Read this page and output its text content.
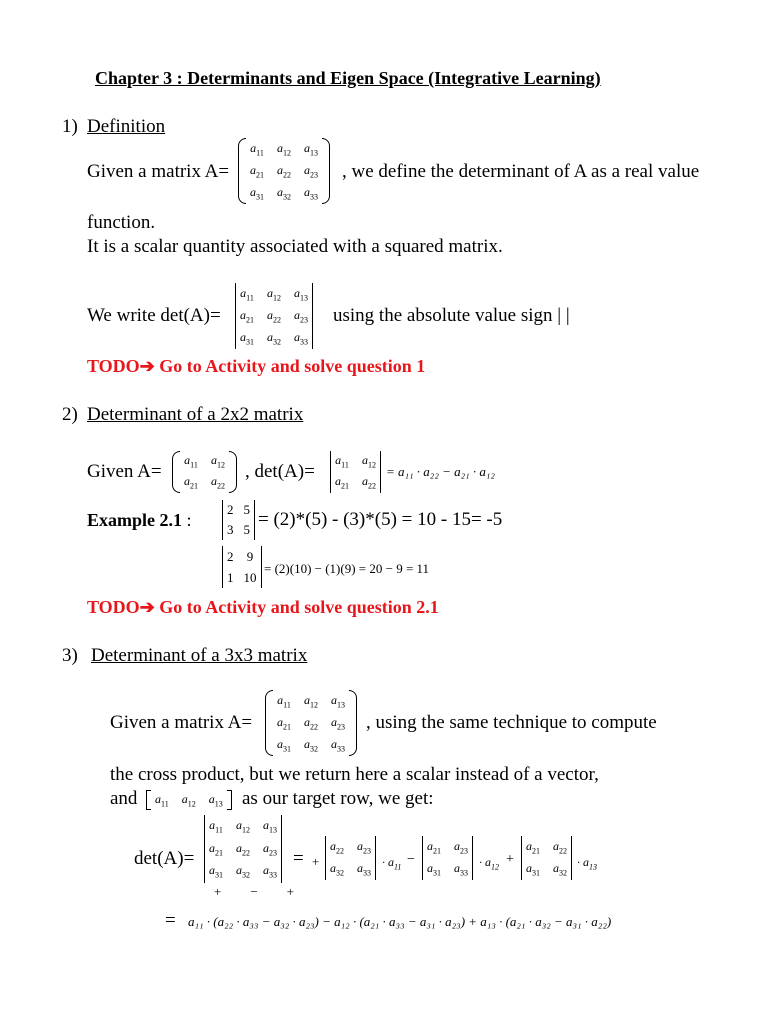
Chapter 3 : Determinants and Eigen Space (Integrative Learning)
1) Definition
Given a matrix A=
$a_{11}$ $a_{12}$ $a_{13}$
$a_{21}$ $a_{22}$ $a_{23}$
$a_{31}$ $a_{32}$ $a_{33}$
, we define the determinant of A as a real value
function.
It is a scalar quantity associated with a squared matrix.
We write det(A)=
$a_{11}$ $a_{12}$ $a_{13}$
$a_{21}$ $a_{22}$ $a_{23}$
$a_{31}$ $a_{32}$ $a_{33}$
using the absolute value sign | |
TODO➔ Go to Activity and solve question 1
2) Determinant of a 2x2 matrix
Given A=
$a_{11}$ $a_{12}$
$a_{21}$ $a_{22}$
, det(A)=
$a_{11}$ $a_{12}$
$a_{21}$ $a_{22}$
= a₁₁ · a₂₂ − a₂₁ · a₁₂
Example 2.1 :
2 5
3 5 = (2)*(5) - (3)*(5) = 10 - 15= -5
2 9
1 10
= (2)(10) − (1)(9) = 20 − 9 = 11
TODO➔ Go to Activity and solve question 2.1
3) Determinant of a 3x3 matrix
Given a matrix A=
$a_{11}$ $a_{12}$ $a_{13}$
$a_{21}$ $a_{22}$ $a_{23}$
$a_{31}$ $a_{32}$ $a_{33}$
, using the same technique to compute
the cross product, but we return here a scalar instead of a vector,
and $a_{11}$ $a_{12}$ $a_{13}$ as our target row, we get:
det(A)=
$a_{11}$ $a_{12}$ $a_{13}$
$a_{21}$ $a_{22}$ $a_{23}$
$a_{31}$ $a_{32}$ $a_{33}$
+ − +
= +
$a_{22}$ $a_{23}$
$a_{32}$ $a_{33}$
· $a_{11}$ −
$a_{21}$ $a_{23}$
$a_{31}$ $a_{33}$
· $a_{12}$ +
$a_{21}$ $a_{22}$
$a_{31}$ $a_{32}$
· $a_{13}$
= a₁₁ · (a₂₂ · a₃₃ − a₃₂ · a₂₃) − a₁₂ · (a₂₁ · a₃₃ − a₃₁ · a₂₃) + a₁₃ · (a₂₁ · a₃₂ − a₃₁ · a₂₂)
